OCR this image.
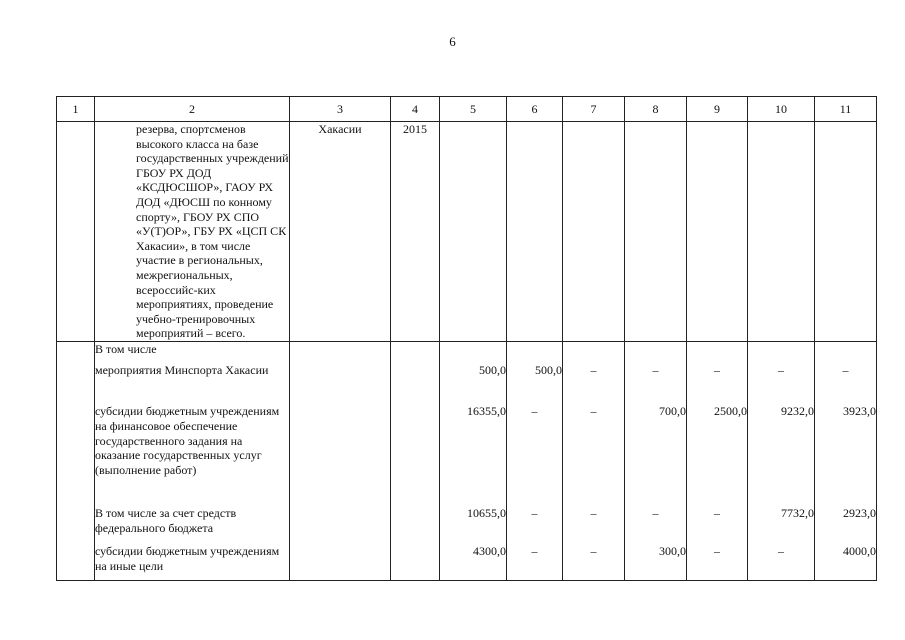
6
1	2	3	4	5	6	7	8	9	10	11
	резерва, спортсменов высокого класса на базе государственных учреждений ГБОУ РХ ДОД «КСДЮСШОР», ГАОУ РХ ДОД «ДЮСШ по конному спорту», ГБОУ РХ СПО «У(Т)ОР», ГБУ РХ «ЦСП СК Хакасии», в том числе участие в региональных, межрегиональных, всероссийс-ких мероприятиях, проведение учебно-тренировочных мероприятий – всего.	Хакасии	2015							
	В том числе									
	мероприятия Минспорта Хакасии			500,0	500,0	–	–	–	–	–
	субсидии бюджетным учреждениям на финансовое обеспечение государственного задания на оказание государственных услуг (выполнение работ)			16355,0	–	–	700,0	2500,0	9232,0	3923,0
	В том числе за счет средств федерального бюджета			10655,0	–	–	–	–	7732,0	2923,0
	субсидии бюджетным учреждениям на иные цели			4300,0	–	–	300,0	–	–	4000,0
